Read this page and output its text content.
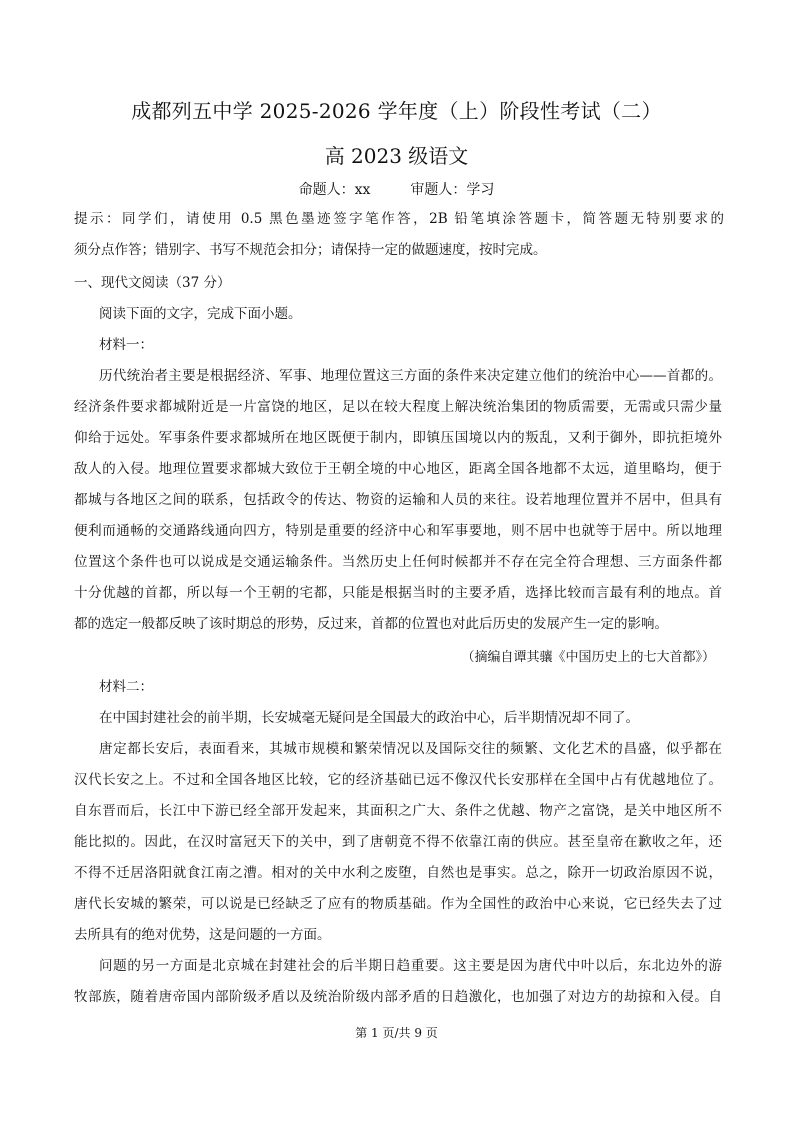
成都列五中学 2025-2026 学年度（上）阶段性考试（二）
高 2023 级语文
命题人：xx	审题人：学习
提示：同学们，请使用 0.5 黑色墨迹签字笔作答，2B 铅笔填涂答题卡，简答题无特别要求的
须分点作答；错别字、书写不规范会扣分；请保持一定的做题速度，按时完成。
一、现代文阅读（37 分）
阅读下面的文字，完成下面小题。
材料一：
历代统治者主要是根据经济、军事、地理位置这三方面的条件来决定建立他们的统治中心——首都的。
经济条件要求都城附近是一片富饶的地区，足以在较大程度上解决统治集团的物质需要，无需或只需少量
仰给于远处。军事条件要求都城所在地区既便于制内，即镇压国境以内的叛乱，又利于御外，即抗拒境外
敌人的入侵。地理位置要求都城大致位于王朝全境的中心地区，距离全国各地都不太远，道里略均，便于
都城与各地区之间的联系，包括政令的传达、物资的运输和人员的来往。设若地理位置并不居中，但具有
便利而通畅的交通路线通向四方，特别是重要的经济中心和军事要地，则不居中也就等于居中。所以地理
位置这个条件也可以说成是交通运输条件。当然历史上任何时候都并不存在完全符合理想、三方面条件都
十分优越的首都，所以每一个王朝的宅都，只能是根据当时的主要矛盾，选择比较而言最有利的地点。首
都的选定一般都反映了该时期总的形势，反过来，首都的位置也对此后历史的发展产生一定的影响。
（摘编自谭其骧《中国历史上的七大首都》）
材料二：
在中国封建社会的前半期，长安城毫无疑问是全国最大的政治中心，后半期情况却不同了。
唐定都长安后，表面看来，其城市规模和繁荣情况以及国际交往的频繁、文化艺术的昌盛，似乎都在
汉代长安之上。不过和全国各地区比较，它的经济基础已远不像汉代长安那样在全国中占有优越地位了。
自东晋而后，长江中下游已经全部开发起来，其面积之广大、条件之优越、物产之富饶，是关中地区所不
能比拟的。因此，在汉时富冠天下的关中，到了唐朝竟不得不依靠江南的供应。甚至皇帝在歉收之年，还
不得不迁居洛阳就食江南之漕。相对的关中水利之废堕，自然也是事实。总之，除开一切政治原因不说，
唐代长安城的繁荣，可以说是已经缺乏了应有的物质基础。作为全国性的政治中心来说，它已经失去了过
去所具有的绝对优势，这是问题的一方面。
问题的另一方面是北京城在封建社会的后半期日趋重要。这主要是因为唐代中叶以后，东北边外的游
牧部族，随着唐帝国内部阶级矛盾以及统治阶级内部矛盾的日趋激化，也加强了对边方的劫掠和入侵。自
第 1 页/共 9 页
